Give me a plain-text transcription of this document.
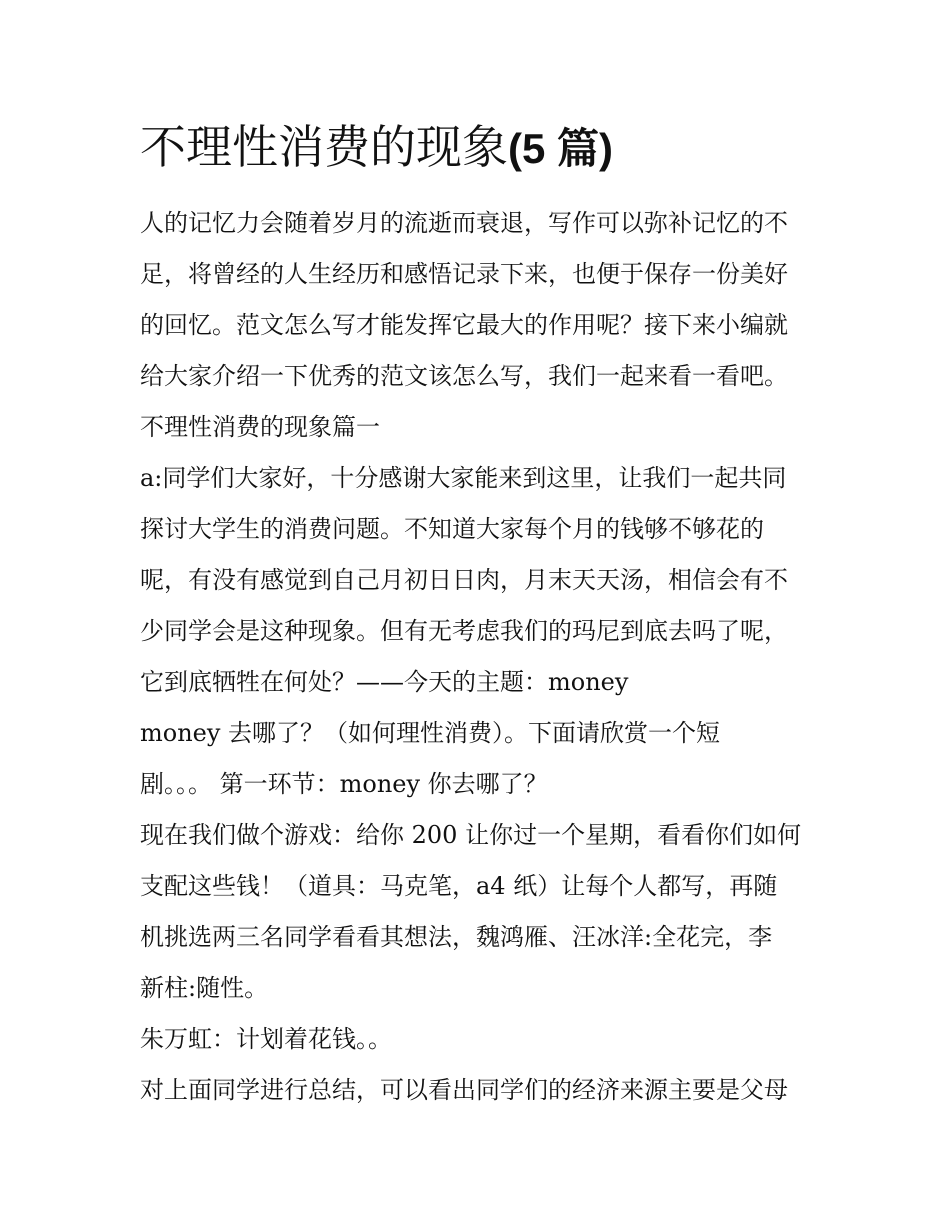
不理性消费的现象(5 篇)
人的记忆力会随着岁月的流逝而衰退，写作可以弥补记忆的不
足，将曾经的人生经历和感悟记录下来，也便于保存一份美好
的回忆。范文怎么写才能发挥它最大的作用呢？接下来小编就
给大家介绍一下优秀的范文该怎么写，我们一起来看一看吧。
不理性消费的现象篇一
a:同学们大家好，十分感谢大家能来到这里，让我们一起共同
探讨大学生的消费问题。不知道大家每个月的钱够不够花的
呢，有没有感觉到自己月初日日肉，月末天天汤，相信会有不
少同学会是这种现象。但有无考虑我们的玛尼到底去吗了呢，
它到底牺牲在何处？——今天的主题：money
money 去哪了？（如何理性消费）。下面请欣赏一个短
剧。。。 第一环节：money 你去哪了？
现在我们做个游戏：给你 200 让你过一个星期，看看你们如何
支配这些钱！（道具：马克笔，a4 纸）让每个人都写，再随
机挑选两三名同学看看其想法，魏鸿雁、汪冰洋:全花完，李
新柱:随性。
朱万虹：计划着花钱。。
对上面同学进行总结，可以看出同学们的经济来源主要是父母
